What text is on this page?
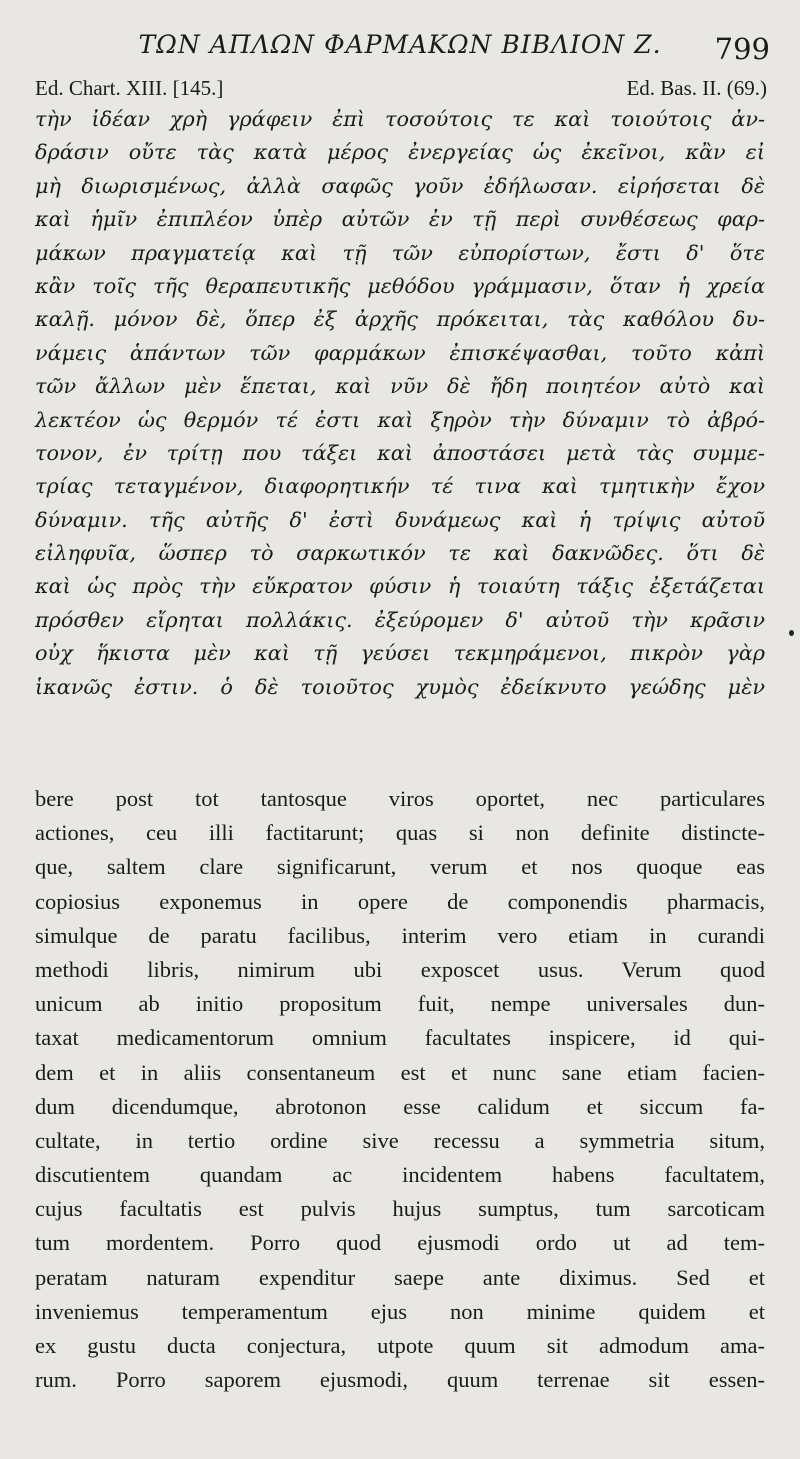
ΤΩΝ ΑΠΛΩΝ ΦΑΡΜΑΚΩΝ ΒΙΒΛΙΟΝ Ζ.	799
Ed. Chart. XIII. [145.]	Ed. Bas. II. (69.)
τὴν ἰδέαν χρὴ γράφειν ἐπὶ τοσούτοις τε καὶ τοιούτοις ἀν-
δράσιν οὔτε τὰς κατὰ μέρος ἐνεργείας ὡς ἐκεῖνοι, κἂν εἰ
μὴ διωρισμένως, ἀλλὰ σαφῶς γοῦν ἐδήλωσαν. εἰρήσεται δὲ
καὶ ἡμῖν ἐπιπλέον ὑπὲρ αὐτῶν ἐν τῇ περὶ συνθέσεως φαρ-
μάκων πραγματείᾳ καὶ τῇ τῶν εὐπορίστων, ἔστι δ' ὅτε
κἂν τοῖς τῆς θεραπευτικῆς μεθόδου γράμμασιν, ὅταν ἡ χρεία
καλῇ. μόνον δὲ, ὅπερ ἐξ ἀρχῆς πρόκειται, τὰς καθόλου δυ-
νάμεις ἁπάντων τῶν φαρμάκων ἐπισκέψασθαι, τοῦτο κἀπὶ
τῶν ἄλλων μὲν ἕπεται, καὶ νῦν δὲ ἤδη ποιητέον αὐτὸ καὶ
λεκτέον ὡς θερμόν τέ ἐστι καὶ ξηρὸν τὴν δύναμιν τὸ ἀβρό-
τονον, ἐν τρίτῃ που τάξει καὶ ἀποστάσει μετὰ τὰς συμμε-
τρίας τεταγμένον, διαφορητικήν τέ τινα καὶ τμητικὴν ἔχον
δύναμιν. τῆς αὐτῆς δ' ἐστὶ δυνάμεως καὶ ἡ τρίψις αὐτοῦ
εἰληφυῖα, ὥσπερ τὸ σαρκωτικόν τε καὶ δακνῶδες. ὅτι δὲ
καὶ ὡς πρὸς τὴν εὔκρατον φύσιν ἡ τοιαύτη τάξις ἐξετάζεται
πρόσθεν εἴρηται πολλάκις. ἐξεύρομεν δ' αὐτοῦ τὴν κρᾶσιν
οὐχ ἥκιστα μὲν καὶ τῇ γεύσει τεκμηράμενοι, πικρὸν γὰρ
ἱκανῶς ἐστιν. ὁ δὲ τοιοῦτος χυμὸς ἐδείκνυτο γεώδης μὲν
bere post tot tantosque viros oportet, nec particulares
actiones, ceu illi factitarunt; quas si non definite distincte-
que, saltem clare significarunt, verum et nos quoque eas
copiosius exponemus in opere de componendis pharmacis,
simulque de paratu facilibus, interim vero etiam in curandi
methodi libris, nimirum ubi exposcet usus. Verum quod
unicum ab initio propositum fuit, nempe universales dun-
taxat medicamentorum omnium facultates inspicere, id qui-
dem et in aliis consentaneum est et nunc sane etiam facien-
dum dicendumque, abrotonon esse calidum et siccum fa-
cultate, in tertio ordine sive recessu a symmetria situm,
discutientem quandam ac incidentem habens facultatem,
cujus facultatis est pulvis hujus sumptus, tum sarcoticam
tum mordentem. Porro quod ejusmodi ordo ut ad tem-
peratam naturam expenditur saepe ante diximus. Sed et
inveniemus temperamentum ejus non minime quidem et
ex gustu ducta conjectura, utpote quum sit admodum ama-
rum. Porro saporem ejusmodi, quum terrenae sit essen-
